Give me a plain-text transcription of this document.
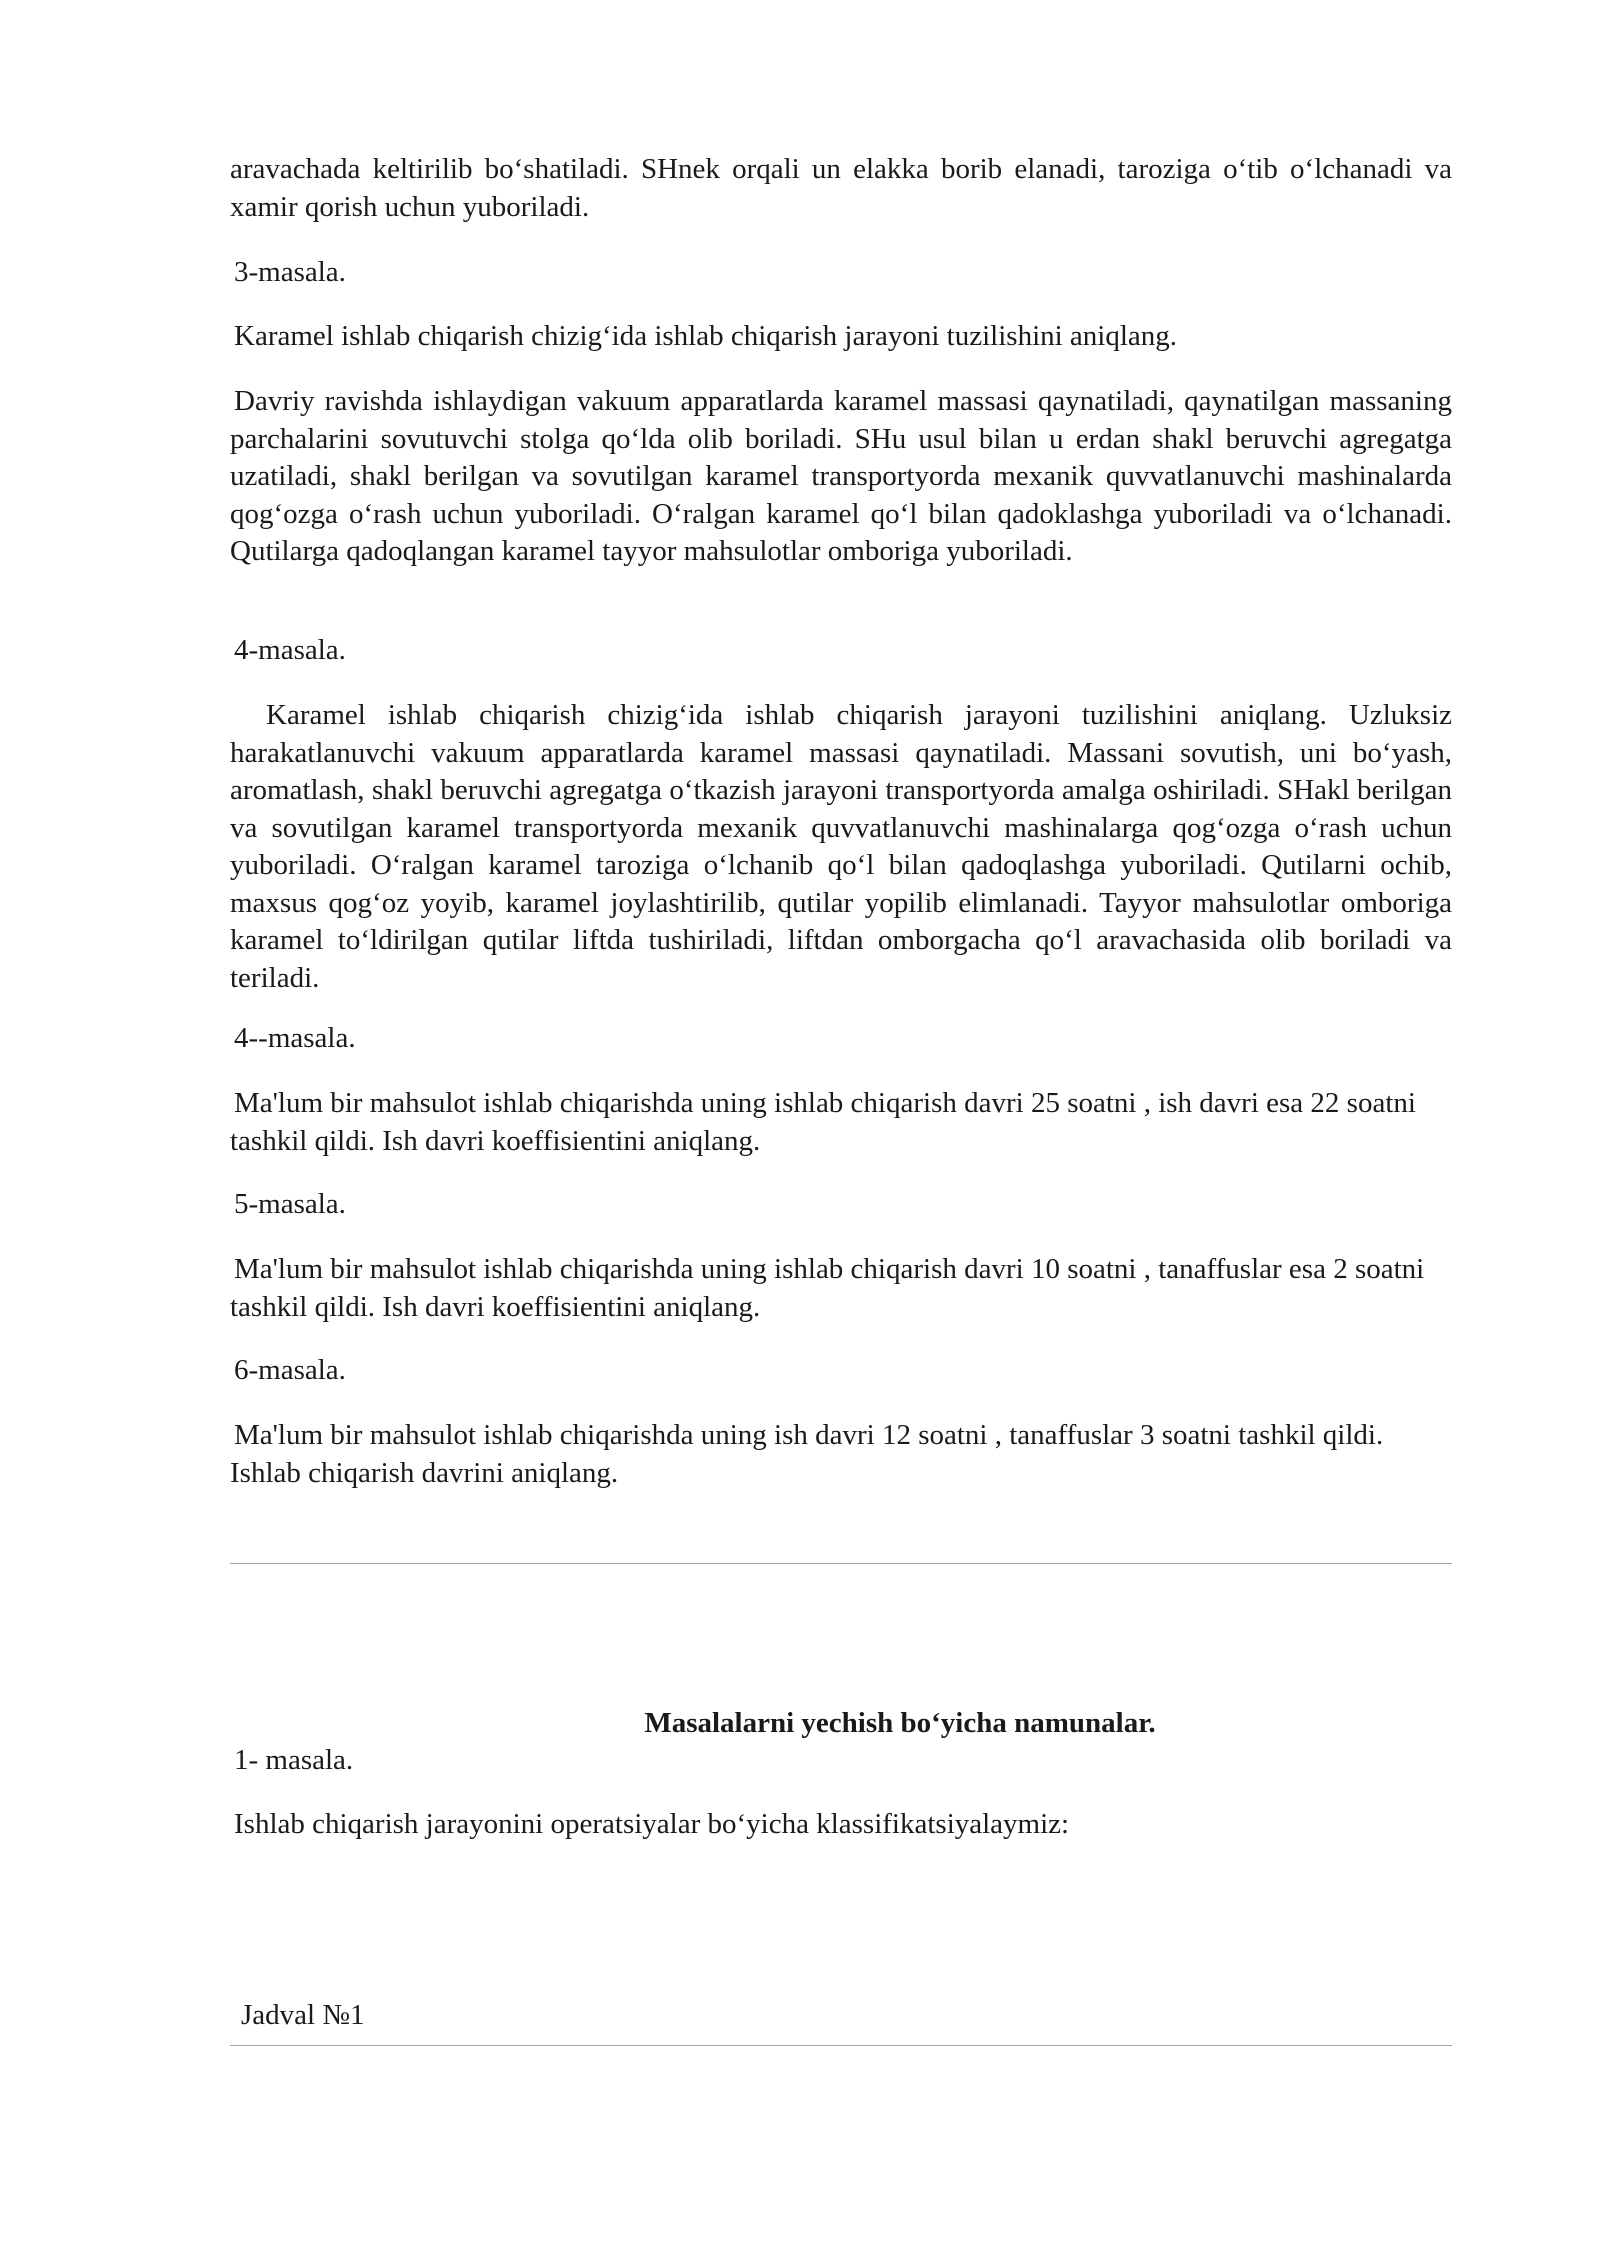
aravachada keltirilib bo‘shatiladi. SHnek orqali un elakka borib elanadi, taroziga o‘tib o‘lchanadi va xamir qorish uchun yuboriladi.

3-masala.

Karamel ishlab chiqarish chizig‘ida ishlab chiqarish jarayoni tuzilishini aniqlang.

Davriy ravishda ishlaydigan vakuum apparatlarda karamel massasi qaynatiladi, qaynatilgan massaning parchalarini sovutuvchi stolga qo‘lda olib boriladi. SHu usul bilan u erdan shakl beruvchi agregatga uzatiladi, shakl berilgan va sovutilgan karamel transportyorda mexanik quvvatlanuvchi mashinalarda qog‘ozga o‘rash uchun yuboriladi. O‘ralgan karamel qo‘l bilan qadoklashga yuboriladi va o‘lchanadi. Qutilarga qadoqlangan karamel tayyor mahsulotlar omboriga yuboriladi.

4-masala.

Karamel ishlab chiqarish chizig‘ida ishlab chiqarish jarayoni tuzilishini aniqlang. Uzluksiz harakatlanuvchi vakuum apparatlarda karamel massasi qaynatiladi. Massani sovutish, uni bo‘yash, aromatlash, shakl beruvchi agregatga o‘tkazish jarayoni transportyorda amalga oshiriladi. SHakl berilgan va sovutilgan karamel transportyorda mexanik quvvatlanuvchi mashinalarga qog‘ozga o‘rash uchun yuboriladi. O‘ralgan karamel taroziga o‘lchanib qo‘l bilan qadoqlashga yuboriladi. Qutilarni ochib, maxsus qog‘oz yoyib, karamel joylashtirilib, qutilar yopilib elimlanadi. Tayyor mahsulotlar omboriga karamel to‘ldirilgan qutilar liftda tushiriladi, liftdan omborgacha qo‘l aravachasida olib boriladi va teriladi.

4--masala.

Ma'lum bir mahsulot ishlab chiqarishda uning ishlab chiqarish davri 25 soatni , ish davri esa 22 soatni tashkil qildi. Ish davri koeffisientini aniqlang.

5-masala.

Ma'lum bir mahsulot ishlab chiqarishda uning ishlab chiqarish davri 10 soatni , tanaffuslar esa 2 soatni tashkil qildi. Ish davri koeffisientini aniqlang.

6-masala.

Ma'lum bir mahsulot ishlab chiqarishda uning ish davri 12 soatni , tanaffuslar 3 soatni tashkil qildi. Ishlab chiqarish davrini aniqlang.

Masalalarni yechish bo‘yicha namunalar.

1- masala.

Ishlab chiqarish jarayonini operatsiyalar bo‘yicha klassifikatsiyalaymiz:

Jadval №1
